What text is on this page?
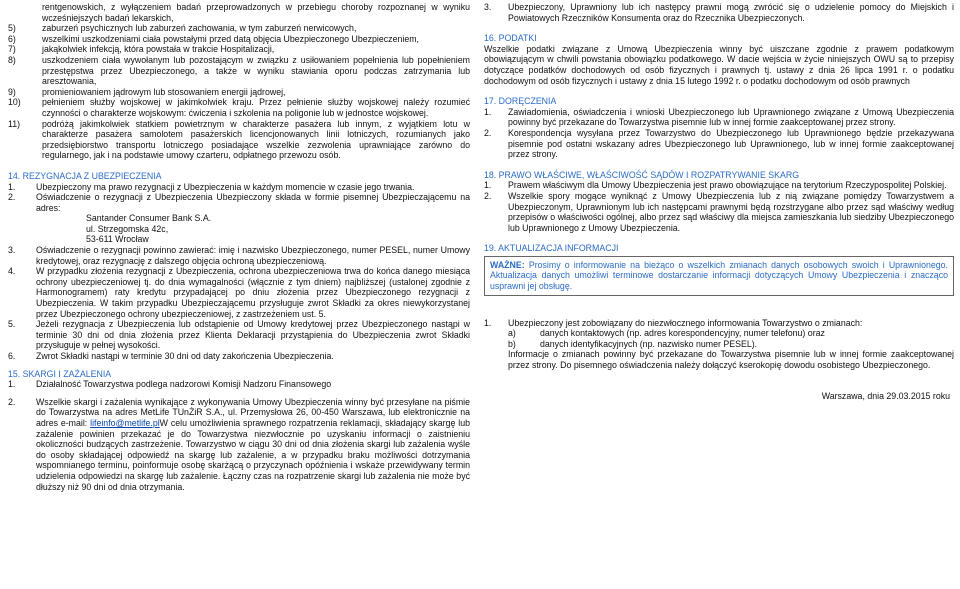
rentgenowskich, z wyłączeniem badań przeprowadzonych w przebiegu choroby rozpoznanej w wyniku wcześniejszych badań lekarskich,

5)	zaburzeń psychicznych lub zaburzeń zachowania, w tym zaburzeń nerwicowych,
6)	wszelkimi uszkodzeniami ciała powstałymi przed datą objęcia Ubezpieczonego Ubezpieczeniem,
7)	jakąkolwiek infekcją, która powstała w trakcie Hospitalizacji,
8)	uszkodzeniem ciała wywołanym lub pozostającym w związku z usiłowaniem popełnienia lub popełnieniem przestępstwa przez Ubezpieczonego, a także w wyniku stawiania oporu podczas zatrzymania lub aresztowania,
9)	promieniowaniem jądrowym lub stosowaniem energii jądrowej,
10)	pełnieniem służby wojskowej w jakimkolwiek kraju. Przez pełnienie służby wojskowej należy rozumieć czynności o charakterze wojskowym: ćwiczenia i szkolenia na poligonie lub w jednostce wojskowej.
11)	podróżą jakimkolwiek statkiem powietrznym w charakterze pasażera lub innym, z wyjątkiem lotu w charakterze pasażera samolotem pasażerskich licencjonowanych linii lotniczych, rozumianych jako przedsiębiorstwo transportu lotniczego posiadające wszelkie zezwolenia uprawniające zarówno do regularnego, jak i na podstawie umowy czarteru, odpłatnego przewozu osób.

14. REZYGNACJA Z UBEZPIECZENIA

1.	Ubezpieczony ma prawo rezygnacji z Ubezpieczenia w każdym momencie w czasie jego trwania.
2.	Oświadczenie o rezygnacji z Ubezpieczenia Ubezpieczony składa w formie pisemnej Ubezpieczającemu na adres:

Santander Consumer Bank S.A.

ul. Strzegomska 42c,

53-611 Wrocław

3.	Oświadczenie o rezygnacji powinno zawierać: imię i nazwisko Ubezpieczonego, numer PESEL, numer Umowy kredytowej, oraz rezygnację z dalszego objęcia ochroną ubezpieczeniową.
4.	W przypadku złożenia rezygnacji z Ubezpieczenia, ochrona ubezpieczeniowa trwa do końca danego miesiąca ochrony ubezpieczeniowej tj. do dnia wymagalności (włącznie z tym dniem) najbliższej (ustalonej zgodnie z Harmonogramem) raty kredytu przypadającej po dniu złożenia przez Ubezpieczonego rezygnacji z Ubezpieczenia. W takim przypadku Ubezpieczającemu przysługuje zwrot Składki za okres niewykorzystanej przez Ubezpieczonego ochrony ubezpieczeniowej, z zastrzeżeniem ust. 5.
5.	Jeżeli rezygnacja z Ubezpieczenia lub odstąpienie od Umowy kredytowej przez Ubezpieczonego nastąpi w terminie 30 dni od dnia złożenia przez Klienta Deklaracji przystąpienia do Ubezpieczenia zwrot Składki przysługuje w pełnej wysokości.
6.	Zwrot Składki nastąpi w terminie 30 dni od daty zakończenia Ubezpieczenia.

15. SKARGI I ZAŻALENIA

1.	Działalność Towarzystwa podlega nadzorowi Komisji Nadzoru Finansowego
2.	Wszelkie skargi i zażalenia wynikające z wykonywania Umowy Ubezpieczenia winny być przesyłane na piśmie do Towarzystwa na adres MetLife TUnŻiR S.A., ul. Przemysłowa 26, 00-450 Warszawa, lub elektronicznie na adres e-mail: lifeinfo@metlife.plW celu umożliwienia sprawnego rozpatrzenia reklamacji, składający skargę lub zażalenie powinien przekazać je do Towarzystwa niezwłocznie po uzyskaniu informacji o zaistnieniu okoliczności budzących zastrzeżenie. Towarzystwo w ciągu 30 dni od dnia złożenia skargi lub zażalenia wyśle do osoby składającej odpowiedź na skargę lub zażalenie, a w przypadku braku możliwości dotrzymania wspomnianego terminu, poinformuje osobę skarżącą o przyczynach opóźnienia i wskaże przewidywany termin udzielenia odpowiedzi na skargę lub zażalenie. Łączny czas na rozpatrzenie skargi lub zażalenia nie może być dłuższy niż 90 dni od dnia otrzymania.
3.	Ubezpieczony, Uprawniony lub ich następcy prawni mogą zwrócić się o udzielenie pomocy do Miejskich i Powiatowych Rzeczników Konsumenta oraz do Rzecznika Ubezpieczonych.

16. PODATKI

Wszelkie podatki związane z Umową Ubezpieczenia winny być uiszczane zgodnie z prawem podatkowym obowiązującym w chwili powstania obowiązku podatkowego. W dacie wejścia w życie niniejszych OWU są to przepisy dotyczące podatków dochodowych od osób fizycznych i prawnych tj. ustawy z dnia 26 lipca 1991 r. o podatku dochodowym od osób fizycznych i ustawy z dnia 15 lutego 1992 r. o podatku dochodowym od osób prawnych

17. DORĘCZENIA

1.	Zawiadomienia, oświadczenia i wnioski Ubezpieczonego lub Uprawnionego związane z Umową Ubezpieczenia powinny być przekazane do Towarzystwa pisemnie lub w innej formie zaakceptowanej przez strony.
2.	Korespondencja wysyłana przez Towarzystwo do Ubezpieczonego lub Uprawnionego będzie przekazywana pisemnie pod ostatni wskazany adres Ubezpieczonego lub Uprawnionego, lub w innej formie zaakceptowanej przez strony.

18. PRAWO WŁAŚCIWE, WŁAŚCIWOŚĆ SĄDÓW I ROZPATRYWANIE SKARG

1.	Prawem właściwym dla Umowy Ubezpieczenia jest prawo obowiązujące na terytorium Rzeczypospolitej Polskiej.
2.	Wszelkie spory mogące wyniknąć z Umowy Ubezpieczenia lub z nią związane pomiędzy Towarzystwem a Ubezpieczonym, Uprawnionym lub ich następcami prawnymi będą rozstrzygane albo przez sąd właściwy według przepisów o właściwości ogólnej, albo przez sąd właściwy dla miejsca zamieszkania lub siedziby Ubezpieczonego lub Uprawnionego z Umowy Ubezpieczenia.

19. AKTUALIZACJA INFORMACJI

WAŻNE: Prosimy o informowanie na bieżąco o wszelkich zmianach danych osobowych swoich i Uprawnionego. Aktualizacja danych umożliwi terminowe dostarczanie informacji dotyczących Umowy Ubezpieczenia i znacząco usprawni jej obsługę.
1.	Ubezpieczony jest zobowiązany do niezwłocznego informowania Towarzystwo o zmianach:
a)	danych kontaktowych (np. adres korespondencyjny, numer telefonu) oraz
b)	danych identyfikacyjnych (np. nazwisko numer PESEL).

Informacje o zmianach powinny być przekazane do Towarzystwa pisemnie lub w innej formie zaakceptowanej przez strony. Do pisemnego oświadczenia należy dołączyć kserokopię dowodu osobistego Ubezpieczonego.

Warszawa, dnia 29.03.2015 roku
